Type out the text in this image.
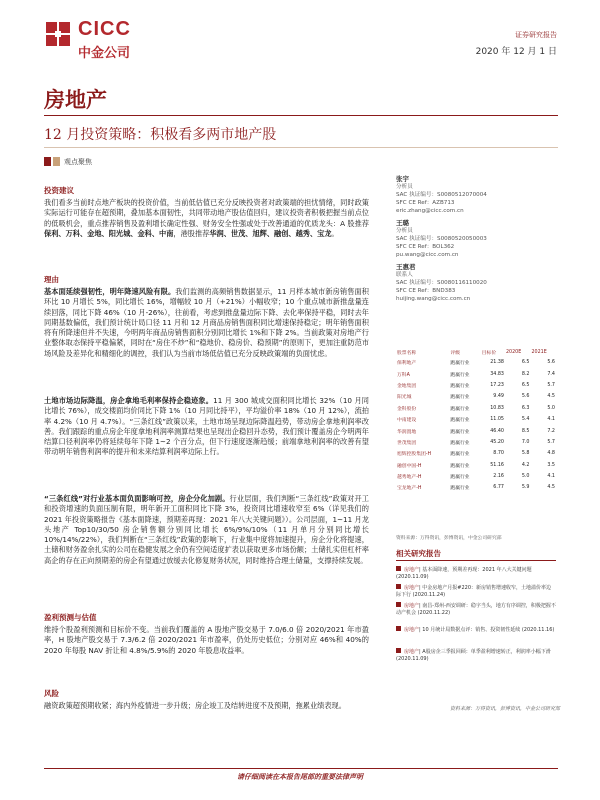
CICC
中金公司
证券研究报告
2020 年 12 月 1 日
房地产
12 月投资策略：积极看多两市地产股
观点聚焦
投资建议

我们看多当前时点地产板块的投资价值，当前低估值已充分反映投资者对政策端的担忧情绪，同时政策实际运行可能存在超预期，叠加基本面韧性，共同带动地产股估值回归，建议投资者积极把握当前点位的低吸机会，重点推荐销售及盈利增长确定性强、财务安全性强或处于改善通道的优质龙头：A 股推荐保利、万科、金地、阳光城、金科、中南，港股推荐华润、世茂、旭辉、融创、越秀、宝龙。

理由

基本面延续强韧性，明年降速风险有限。我们监测的高频销售数据显示，11 月样本城市新房销售面积环比 10 月增长 5%，同比增长 16%，增幅较 10 月（+21%）小幅收窄；10 个重点城市新推盘量连续回落，同比下降 46%（10 月-26%），往前看，考虑到推盘量边际下降、去化率保持平稳，同时去年同期基数偏低，我们预计统计局口径 11 月和 12 月商品房销售面积同比增速保持稳定；明年销售面积将有所降速但并不失速，今明两年商品房销售面积分别同比增长 1%和下降 2%。当前政策对房地产行业整体取态保持平稳偏紧，同时在“房住不炒”和“稳地价、稳房价、稳预期”的原则下，更加注重防范市场风险及差异化和精细化的调控，我们认为当前市场低估值已充分反映政策端的负面忧虑。

土地市场边际降温，房企拿地毛利率保持企稳迹象。11 月 300 城成交面积同比增长 32%（10 月同比增长 76%），成交楼面均价同比下降 1%（10 月同比持平），平均溢价率 18%（10 月 12%），流拍率 4.2%（10 月 4.7%）。“三条红线”政策以来，土地市场呈现边际降温趋势，带动房企拿地利润率改善。我们跟踪的重点房企年度拿地利润率测算结果也呈现出企稳回升态势，我们预计覆盖房企今明两年结算口径利润率仍将延续每年下降 1~2 个百分点，但下行速度逐渐趋缓；前端拿地利润率的改善有望带动明年销售利润率的提升和未来结算利润率边际上行。

“三条红线”对行业基本面负面影响可控，房企分化加剧。行业层面，我们判断“三条红线”政策对开工和投资增速的负面压制有限，明年新开工面积同比下降 3%，投资同比增速收窄至 6%（详见我们的 2021 年投资策略报告《基本面降速，预期差再现：2021 年八大关键问题》）。公司层面，1~11 月龙头地产 Top10/30/50 房企销售额分别同比增长 6%/9%/10%（11 月单月分别同比增长 10%/14%/22%），我们判断在“三条红线”政策的影响下，行业集中度将加速提升，房企分化将提速，土储和财务盈余扎实的公司在稳健发展之余仍有空间适度扩表以获取更多市场份额；土储扎实但杠杆率高企的存在正向预期差的房企有望通过放缓去化修复财务状况，同时维持合理土储量，支撑持续发展。

盈利预测与估值
维持个股盈利预测和目标价不变。当前我们覆盖的 A 股地产股交易于 7.0/6.0 倍 2020/2021 年市盈率，H 股地产股交易于 7.3/6.2 倍 2020/2021 年市盈率，仍处历史低位；分别对应 46%和 40%的 2020 年每股 NAV 折让和 4.8%/5.9%的 2020 年股息收益率。
风险
融资政策超预期收紧；海内外疫情进一步升级；房企竣工及结转进度不及预期，拖累业绩表现。
张宇
分析员
SAC 执证编号：S0080512070004
SFC CE Ref：AZB713
eric.zhang@cicc.com.cn
王璐
分析员
SAC 执证编号：S0080520050003
SFC CE Ref：BOL362
pu.wang@cicc.com.cn
王惠君
联系人
SAC 执证编号：S0080116110020
SFC CE Ref：BND383
huijing.wang@cicc.com.cn
股票名称	评级	目标价	2020E	2021E
保利地产	跑赢行业	21.38	6.5	5.6
万科A	跑赢行业	34.83	8.2	7.4
金地集团	跑赢行业	17.23	6.5	5.7
阳光城	跑赢行业	9.49	5.6	4.5
金科股份	跑赢行业	10.83	6.3	5.0
中南建设	跑赢行业	11.05	5.4	4.1
华润置地	跑赢行业	46.40	8.5	7.2
世茂集团	跑赢行业	45.20	7.0	5.7
旭辉控股集团-H	跑赢行业	8.70	5.8	4.8
融创中国-H	跑赢行业	51.16	4.2	3.5
越秀地产-H	跑赢行业	2.16	5.0	4.1
宝龙地产-H	跑赢行业	6.77	5.9	4.5
资料来源：万得资讯，彭博资讯，中金公司研究部
相关研究报告
房地产| 基本面降速，预期差再现：2021 年八大关键问题 (2020.11.09)
房地产| 中金房地产月报#220：新房销售增速收窄，土地溢价率边际下行 (2020.11.24)
房地产| 南昌-郑州-西安调研：稳字当头，地方有序调控，积极把握不动产机会 (2020.11.22)
房地产| 10 月统计局数据点评：销售、投资韧性延续 (2020.11.16)
房地产| A股房企三季报回顾：单季盈利增速转正，利润率小幅下滑 (2020.11.09)
资料来源：万得资讯，彭博资讯，中金公司研究部
请仔细阅读在本报告尾部的重要法律声明
